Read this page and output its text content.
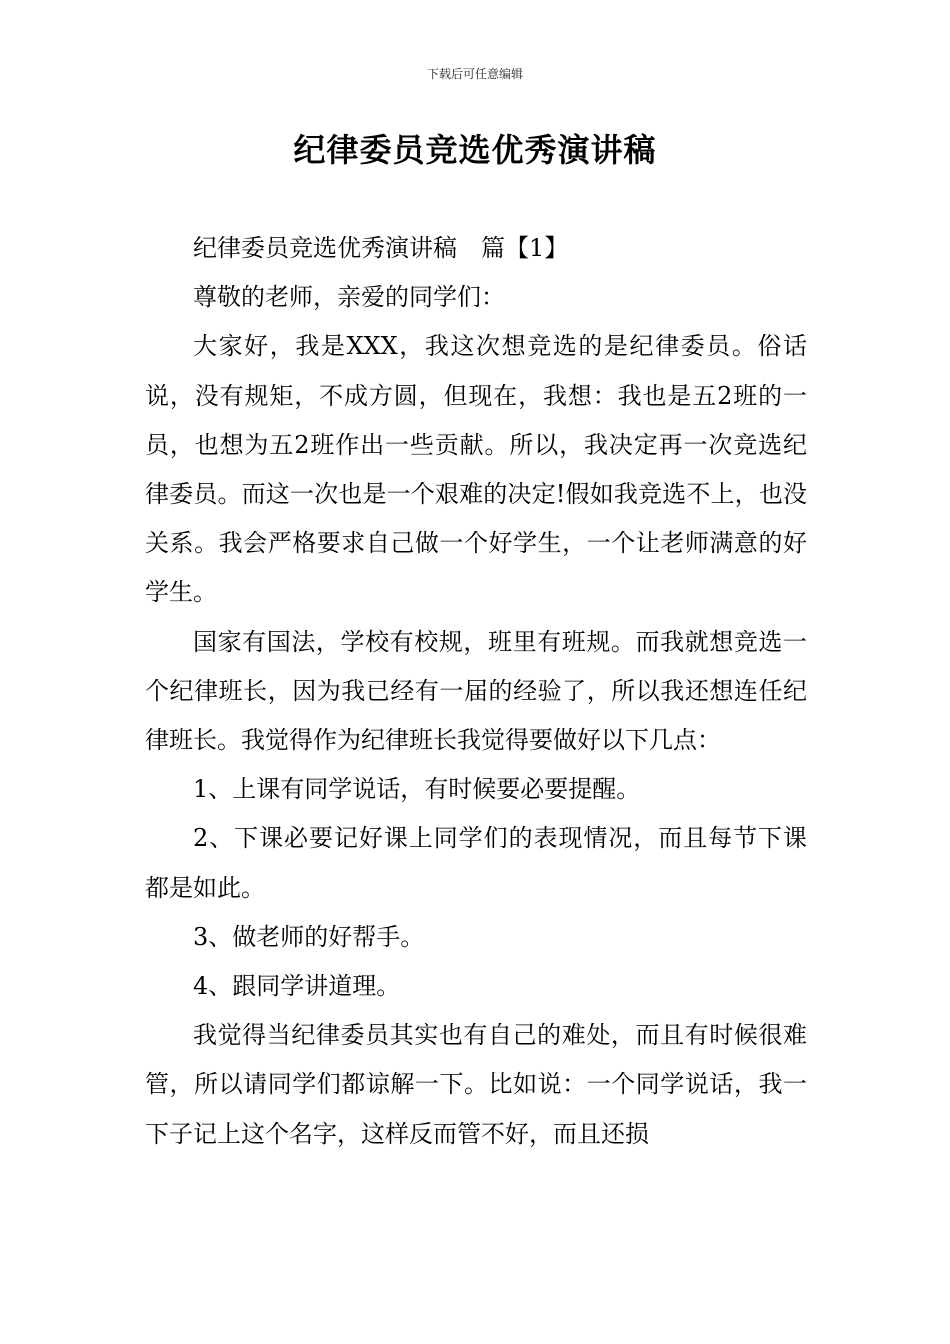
下载后可任意编辑
纪律委员竞选优秀演讲稿

纪律委员竞选优秀演讲稿　篇【1】

尊敬的老师，亲爱的同学们：

大家好，我是XXX，我这次想竞选的是纪律委员。俗话说，没有规矩，不成方圆，但现在，我想：我也是五2班的一员，也想为五2班作出一些贡献。所以，我决定再一次竞选纪律委员。而这一次也是一个艰难的决定!假如我竞选不上，也没关系。我会严格要求自己做一个好学生，一个让老师满意的好学生。

国家有国法，学校有校规，班里有班规。而我就想竞选一个纪律班长，因为我已经有一届的经验了，所以我还想连任纪律班长。我觉得作为纪律班长我觉得要做好以下几点：

1、上课有同学说话，有时候要必要提醒。

2、下课必要记好课上同学们的表现情况，而且每节下课都是如此。

3、做老师的好帮手。

4、跟同学讲道理。

我觉得当纪律委员其实也有自己的难处，而且有时候很难管，所以请同学们都谅解一下。比如说：一个同学说话，我一下子记上这个名字，这样反而管不好，而且还损
